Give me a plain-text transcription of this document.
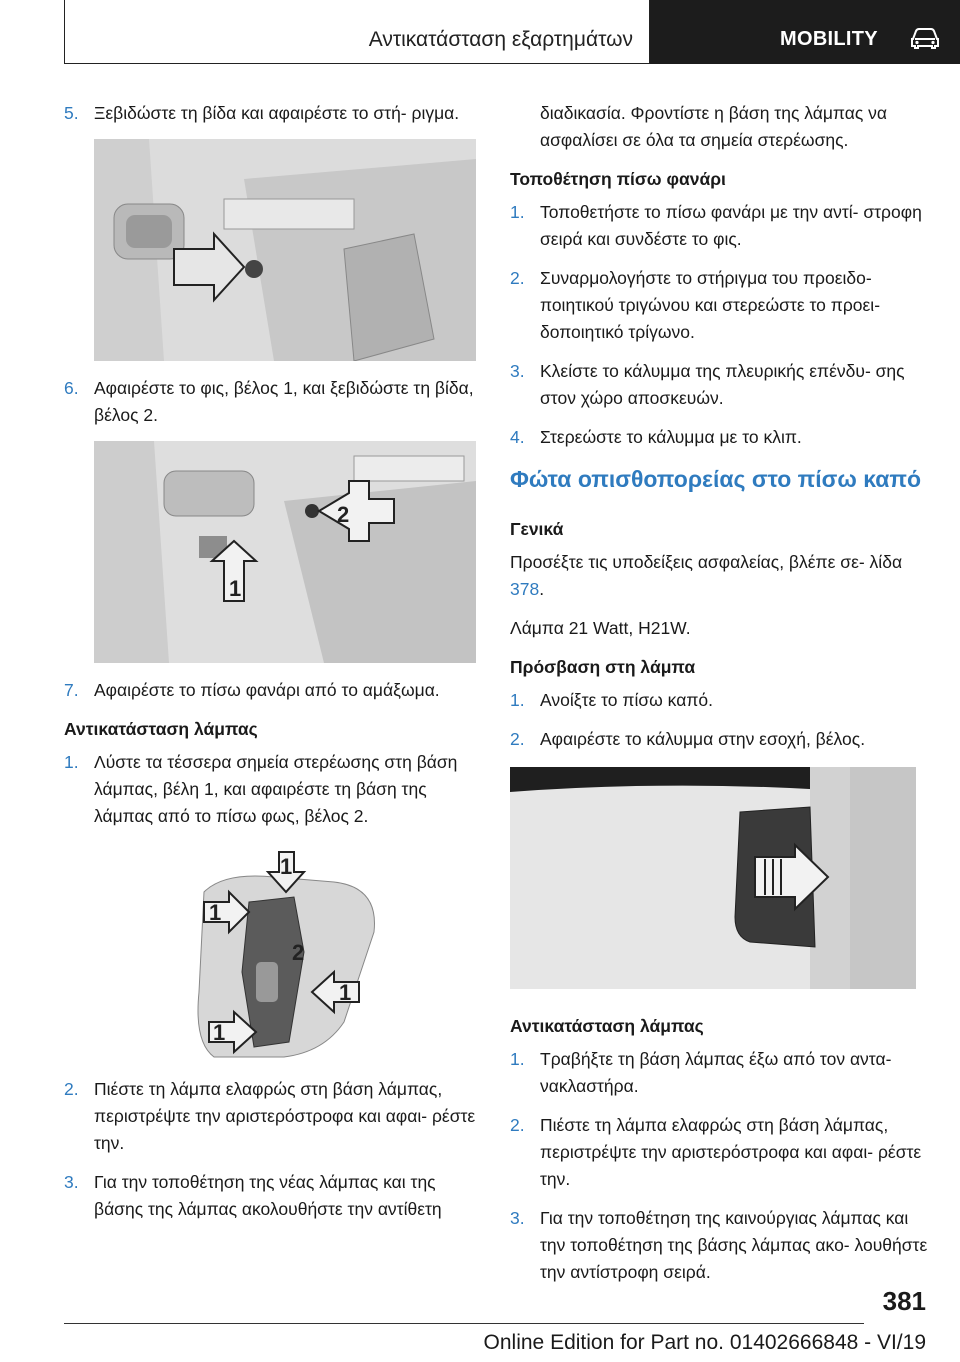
Αντικατάσταση εξαρτημάτων	MOBILITY
5. Ξεβιδώστε τη βίδα και αφαιρέστε το στή‐ ριγμα.
6. Αφαιρέστε το φις, βέλος 1, και ξεβιδώστε τη βίδα, βέλος 2.
2
1
7. Αφαιρέστε το πίσω φανάρι από το αμάξωμα.
Αντικατάσταση λάμπας
1. Λύστε τα τέσσερα σημεία στερέωσης στη βάση λάμπας, βέλη 1, και αφαιρέστε τη βάση της λάμπας από το πίσω φως, βέλος 2.
1
1
2
1
1
2. Πιέστε τη λάμπα ελαφρώς στη βάση λάμπας, περιστρέψτε την αριστερόστροφα και αφαι‐ ρέστε την.
3. Για την τοποθέτηση της νέας λάμπας και της βάσης της λάμπας ακολουθήστε την αντίθετη
διαδικασία. Φροντίστε η βάση της λάμπας να ασφαλίσει σε όλα τα σημεία στερέωσης.
Τοποθέτηση πίσω φανάρι
1. Τοποθετήστε το πίσω φανάρι με την αντί‐ στροφη σειρά και συνδέστε το φις.
2. Συναρμολογήστε το στήριγμα του προειδο‐ ποιητικού τριγώνου και στερεώστε το προει‐ δοποιητικό τρίγωνο.
3. Κλείστε το κάλυμμα της πλευρικής επένδυ‐ σης στον χώρο αποσκευών.
4. Στερεώστε το κάλυμμα με το κλιπ.
Φώτα οπισθοπορείας στο πίσω καπό
Γενικά
Προσέξτε τις υποδείξεις ασφαλείας, βλέπε σε‐ λίδα 378.
Λάμπα 21 Watt, H21W.
Πρόσβαση στη λάμπα
1. Ανοίξτε το πίσω καπό.
2. Αφαιρέστε το κάλυμμα στην εσοχή, βέλος.
Αντικατάσταση λάμπας
1. Τραβήξτε τη βάση λάμπας έξω από τον αντα‐ νακλαστήρα.
2. Πιέστε τη λάμπα ελαφρώς στη βάση λάμπας, περιστρέψτε την αριστερόστροφα και αφαι‐ ρέστε την.
3. Για την τοποθέτηση της καινούργιας λάμπας και την τοποθέτηση της βάσης λάμπας ακο‐ λουθήστε την αντίστροφη σειρά.
381
Online Edition for Part no. 01402666848 - VI/19
